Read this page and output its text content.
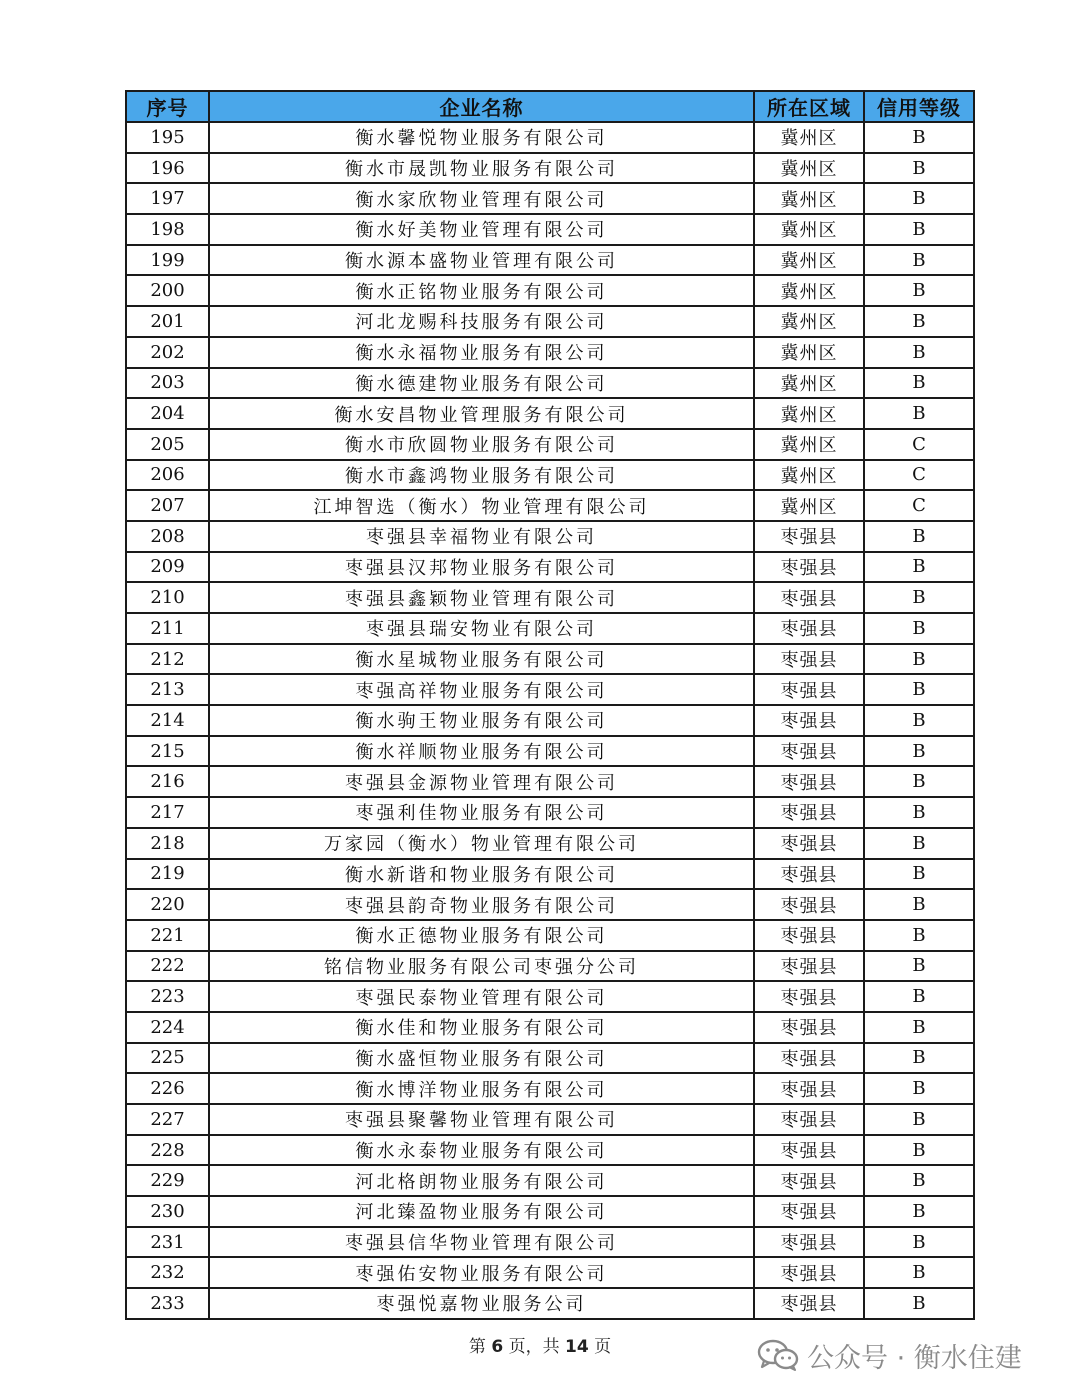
序号	企业名称	所在区域	信用等级
195	衡水馨悦物业服务有限公司	冀州区	B
196	衡水市晟凯物业服务有限公司	冀州区	B
197	衡水家欣物业管理有限公司	冀州区	B
198	衡水好美物业管理有限公司	冀州区	B
199	衡水源本盛物业管理有限公司	冀州区	B
200	衡水正铭物业服务有限公司	冀州区	B
201	河北龙赐科技服务有限公司	冀州区	B
202	衡水永福物业服务有限公司	冀州区	B
203	衡水德建物业服务有限公司	冀州区	B
204	衡水安昌物业管理服务有限公司	冀州区	B
205	衡水市欣圆物业服务有限公司	冀州区	C
206	衡水市鑫鸿物业服务有限公司	冀州区	C
207	江坤智选（衡水）物业管理有限公司	冀州区	C
208	枣强县幸福物业有限公司	枣强县	B
209	枣强县汉邦物业服务有限公司	枣强县	B
210	枣强县鑫颖物业管理有限公司	枣强县	B
211	枣强县瑞安物业有限公司	枣强县	B
212	衡水星城物业服务有限公司	枣强县	B
213	枣强高祥物业服务有限公司	枣强县	B
214	衡水驹王物业服务有限公司	枣强县	B
215	衡水祥顺物业服务有限公司	枣强县	B
216	枣强县金源物业管理有限公司	枣强县	B
217	枣强利佳物业服务有限公司	枣强县	B
218	万家园（衡水）物业管理有限公司	枣强县	B
219	衡水新谐和物业服务有限公司	枣强县	B
220	枣强县韵奇物业服务有限公司	枣强县	B
221	衡水正德物业服务有限公司	枣强县	B
222	铭信物业服务有限公司枣强分公司	枣强县	B
223	枣强民泰物业管理有限公司	枣强县	B
224	衡水佳和物业服务有限公司	枣强县	B
225	衡水盛恒物业服务有限公司	枣强县	B
226	衡水博洋物业服务有限公司	枣强县	B
227	枣强县聚馨物业管理有限公司	枣强县	B
228	衡水永泰物业服务有限公司	枣强县	B
229	河北格朗物业服务有限公司	枣强县	B
230	河北臻盈物业服务有限公司	枣强县	B
231	枣强县信华物业管理有限公司	枣强县	B
232	枣强佑安物业服务有限公司	枣强县	B
233	枣强悦嘉物业服务公司	枣强县	B
第 6 页，共 14 页	公众号 · 衡水住建
